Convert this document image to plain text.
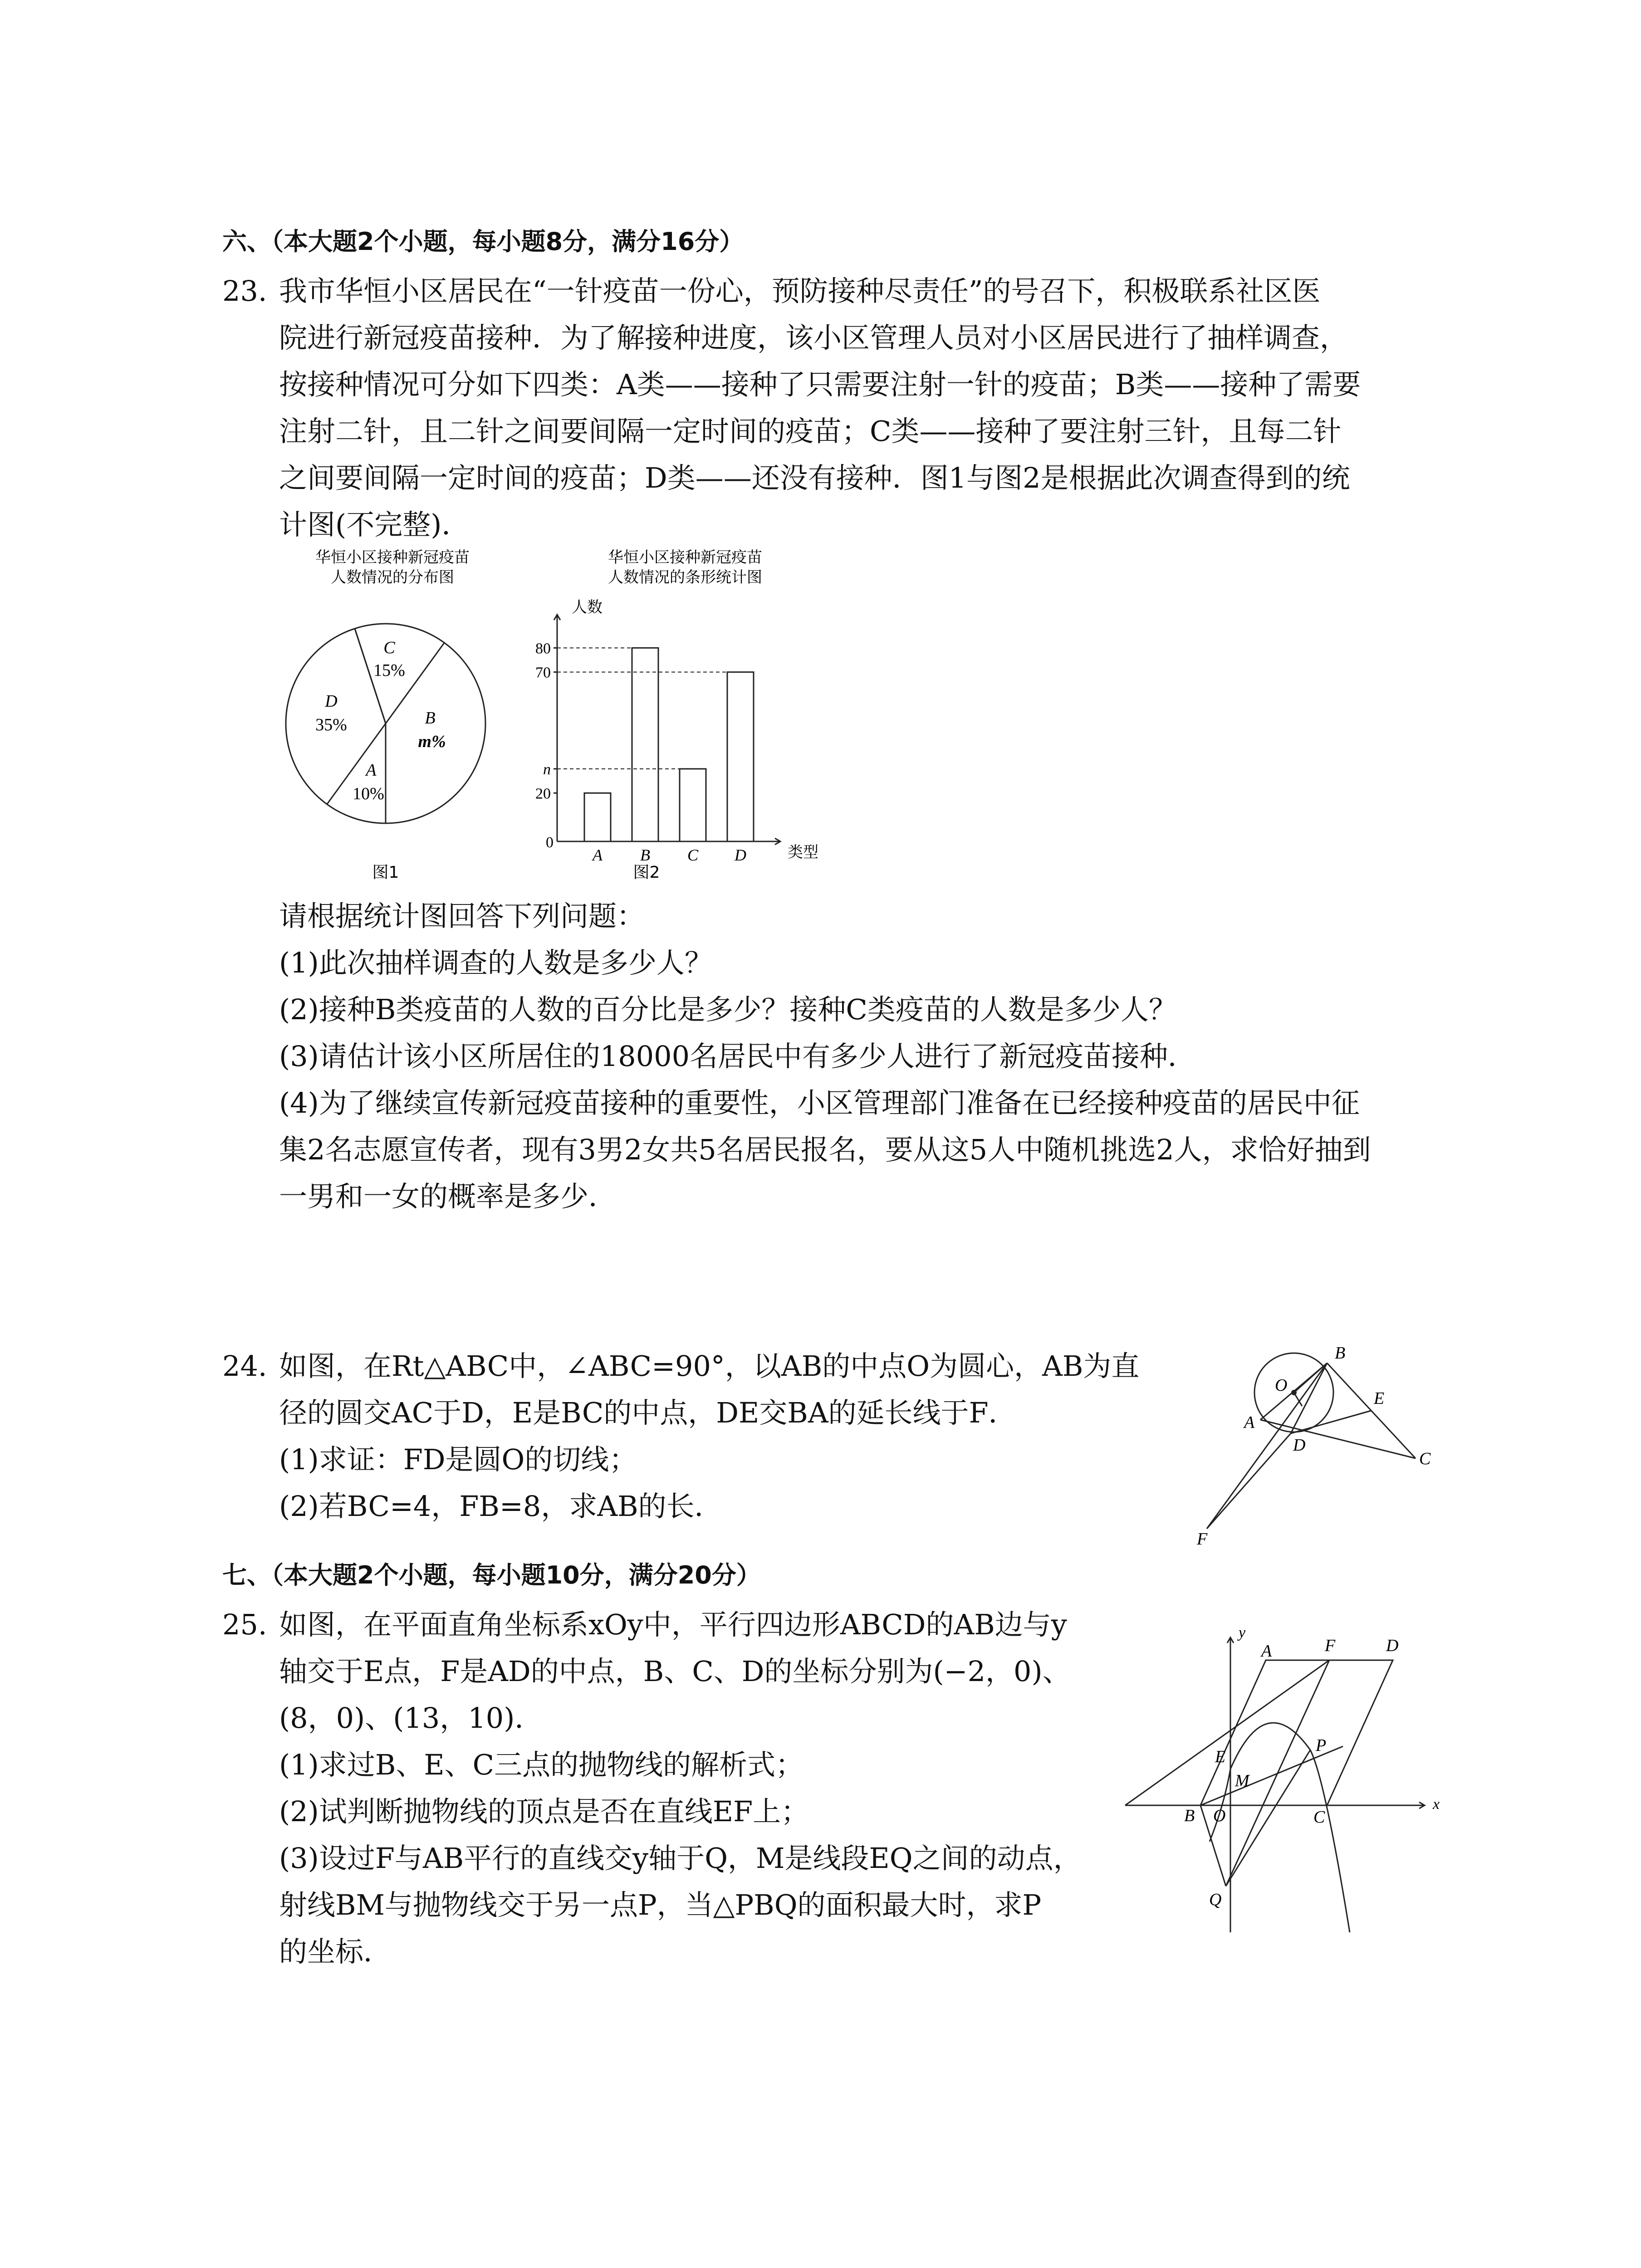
六、（本大题2个小题，每小题8分，满分16分）
23. 我市华恒小区居民在“一针疫苗一份心，预防接种尽责任”的号召下，积极联系社区医
院进行新冠疫苗接种．为了解接种进度，该小区管理人员对小区居民进行了抽样调查，
按接种情况可分如下四类：A类——接种了只需要注射一针的疫苗；B类——接种了需要
注射二针，且二针之间要间隔一定时间的疫苗；C类——接种了要注射三针，且每二针
之间要间隔一定时间的疫苗；D类——还没有接种．图1与图2是根据此次调查得到的统
计图(不完整)．
华恒小区接种新冠疫苗
人数情况的分布图
C
15%
D
35%	B
m%
A
10%
图1
华恒小区接种新冠疫苗
人数情况的条形统计图
人数
A B C D
20
n
70
80
0
类型
图2
请根据统计图回答下列问题：
(1)此次抽样调查的人数是多少人？
(2)接种B类疫苗的人数的百分比是多少？接种C类疫苗的人数是多少人？
(3)请估计该小区所居住的18000名居民中有多少人进行了新冠疫苗接种．
(4)为了继续宣传新冠疫苗接种的重要性，小区管理部门准备在已经接种疫苗的居民中征
集2名志愿宣传者，现有3男2女共5名居民报名，要从这5人中随机挑选2人，求恰好抽到
一男和一女的概率是多少．
24. 如图，在Rt△ABC中，∠ABC=90°，以AB的中点O为圆心，AB为直
径的圆交AC于D，E是BC的中点，DE交BA的延长线于F．
(1)求证：FD是圆O的切线；
(2)若BC=4，FB=8，求AB的长．
B
O
E
A
D
C
F
七、（本大题2个小题，每小题10分，满分20分）
25. 如图，在平面直角坐标系xOy中，平行四边形ABCD的AB边与y
轴交于E点，F是AD的中点，B、C、D的坐标分别为(−2，0)、
(8，0)、(13，10)．
(1)求过B、E、C三点的抛物线的解析式；
(2)试判断抛物线的顶点是否在直线EF上；
(3)设过F与AB平行的直线交y轴于Q，M是线段EQ之间的动点，
射线BM与抛物线交于另一点P，当△PBQ的面积最大时，求P
的坐标．
y
A	F	D
E
M
P
B O	C
x
Q
